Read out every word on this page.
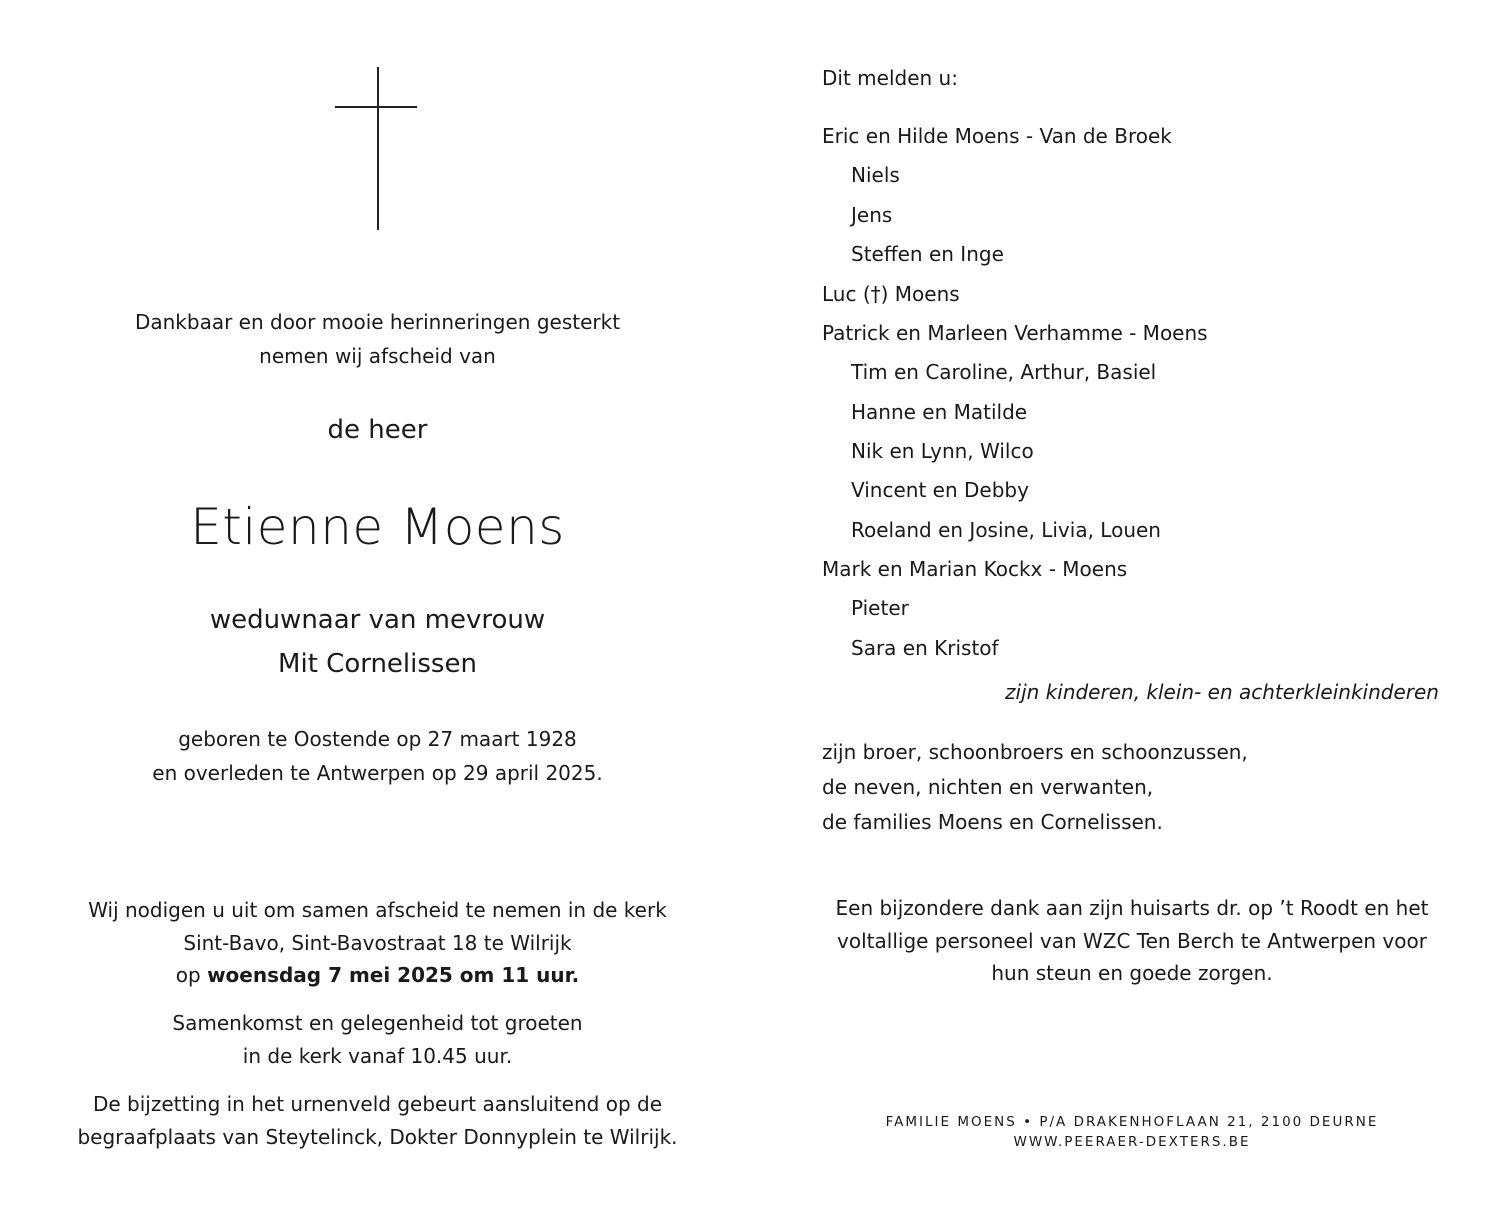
Dankbaar en door mooie herinneringen gesterkt
nemen wij afscheid van
de heer
Etienne Moens
weduwnaar van mevrouw
Mit Cornelissen
geboren te Oostende op 27 maart 1928
en overleden te Antwerpen op 29 april 2025.
Wij nodigen u uit om samen afscheid te nemen in de kerk
Sint-Bavo, Sint-Bavostraat 18 te Wilrijk
op woensdag 7 mei 2025 om 11 uur.
Samenkomst en gelegenheid tot groeten
in de kerk vanaf 10.45 uur.
De bijzetting in het urnenveld gebeurt aansluitend op de
begraafplaats van Steytelinck, Dokter Donnyplein te Wilrijk.
Dit melden u:
Eric en Hilde Moens - Van de Broek
Niels
Jens
Steffen en Inge
Luc (†) Moens
Patrick en Marleen Verhamme - Moens
Tim en Caroline, Arthur, Basiel
Hanne en Matilde
Nik en Lynn, Wilco
Vincent en Debby
Roeland en Josine, Livia, Louen
Mark en Marian Kockx - Moens
Pieter
Sara en Kristof
zijn kinderen, klein- en achterkleinkinderen
zijn broer, schoonbroers en schoonzussen,
de neven, nichten en verwanten,
de families Moens en Cornelissen.
Een bijzondere dank aan zijn huisarts dr. op ’t Roodt en het
voltallige personeel van WZC Ten Berch te Antwerpen voor
hun steun en goede zorgen.
FAMILIE MOENS • P/A DRAKENHOFLAAN 21, 2100 DEURNE
WWW.PEERAER-DEXTERS.BE
